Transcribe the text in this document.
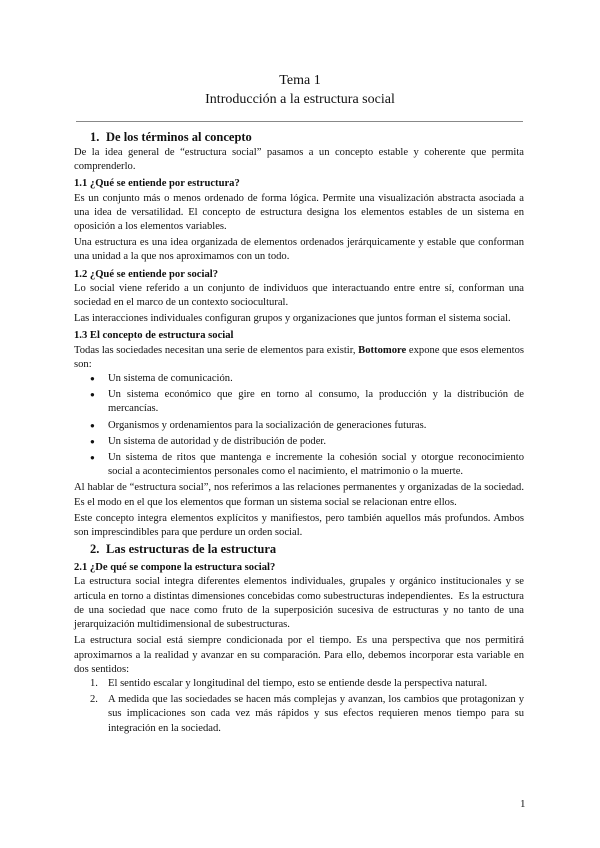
Tema 1
Introducción a la estructura social
1. De los términos al concepto

De la idea general de “estructura social” pasamos a un concepto estable y coherente que permita comprenderlo.

1.1 ¿Qué se entiende por estructura?

Es un conjunto más o menos ordenado de forma lógica. Permite una visualización abstracta asociada a una idea de versatilidad. El concepto de estructura designa los elementos estables de un sistema en oposición a los elementos variables.

Una estructura es una idea organizada de elementos ordenados jerárquicamente y estable que conforman una unidad a la que nos aproximamos con un todo.

1.2 ¿Qué se entiende por social?

Lo social viene referido a un conjunto de individuos que interactuando entre entre sí, conforman una sociedad en el marco de un contexto sociocultural.

Las interacciones individuales configuran grupos y organizaciones que juntos forman el sistema social.

1.3 El concepto de estructura social

Todas las sociedades necesitan una serie de elementos para existir, Bottomore expone que esos elementos son:

● Un sistema de comunicación.
● Un sistema económico que gire en torno al consumo, la producción y la distribución de mercancías.
● Organismos y ordenamientos para la socialización de generaciones futuras.
● Un sistema de autoridad y de distribución de poder.
● Un sistema de ritos que mantenga e incremente la cohesión social y otorgue reconocimiento social a acontecimientos personales como el nacimiento, el matrimonio o la muerte.

Al hablar de “estructura social”, nos referimos a las relaciones permanentes y organizadas de la sociedad. Es el modo en el que los elementos que forman un sistema social se relacionan entre ellos.

Este concepto integra elementos explícitos y manifiestos, pero también aquellos más profundos. Ambos son imprescindibles para que perdure un orden social.

2. Las estructuras de la estructura
2.1 ¿De qué se compone la estructura social?

La estructura social integra diferentes elementos individuales, grupales y orgánico institucionales y se articula en torno a distintas dimensiones concebidas como subestructuras independientes. Es la estructura de una sociedad que nace como fruto de la superposición sucesiva de estructuras y no tanto de una jerarquización multidimensional de subestructuras.

La estructura social está siempre condicionada por el tiempo. Es una perspectiva que nos permitirá aproximarnos a la realidad y avanzar en su comparación. Para ello, debemos incorporar esta variable en dos sentidos:

1. El sentido escalar y longitudinal del tiempo, esto se entiende desde la perspectiva natural.
2. A medida que las sociedades se hacen más complejas y avanzan, los cambios que protagonizan y sus implicaciones son cada vez más rápidos y sus efectos requieren menos tiempo para su integración en la sociedad.
1
